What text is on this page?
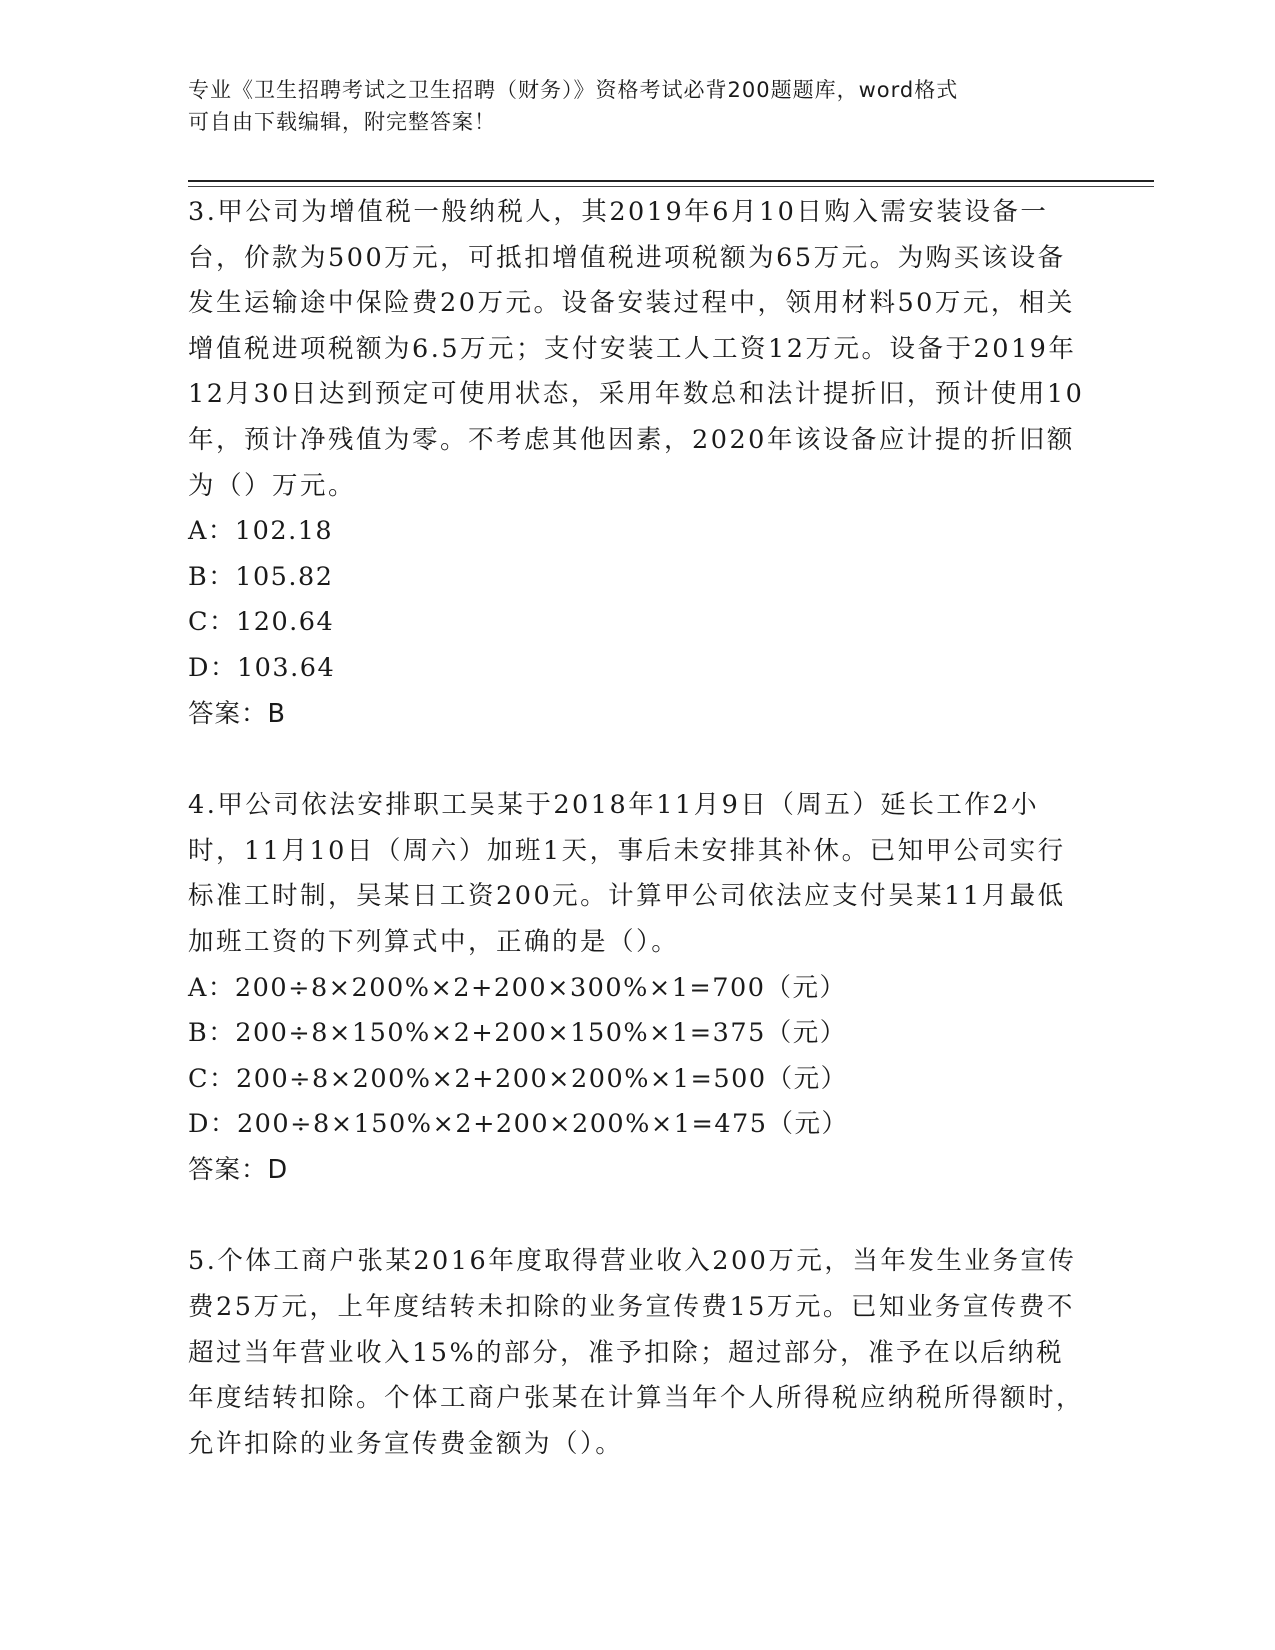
专业《卫生招聘考试之卫生招聘（财务）》资格考试必背200题题库，word格式
可自由下载编辑，附完整答案！
3.甲公司为增值税一般纳税人，其2019年6月10日购入需安装设备一台，价款为500万元，可抵扣增值税进项税额为65万元。为购买该设备发生运输途中保险费20万元。设备安装过程中，领用材料50万元，相关增值税进项税额为6.5万元；支付安装工人工资12万元。设备于2019年12月30日达到预定可使用状态，采用年数总和法计提折旧，预计使用10年，预计净残值为零。不考虑其他因素，2020年该设备应计提的折旧额为（）万元。
A：102.18
B：105.82
C：120.64
D：103.64
答案：B
4.甲公司依法安排职工吴某于2018年11月9日（周五）延长工作2小时，11月10日（周六）加班1天，事后未安排其补休。已知甲公司实行标准工时制，吴某日工资200元。计算甲公司依法应支付吴某11月最低加班工资的下列算式中，正确的是（）。
A：200÷8×200%×2+200×300%×1=700（元）
B：200÷8×150%×2+200×150%×1=375（元）
C：200÷8×200%×2+200×200%×1=500（元）
D：200÷8×150%×2+200×200%×1=475（元）
答案：D
5.个体工商户张某2016年度取得营业收入200万元，当年发生业务宣传费25万元，上年度结转未扣除的业务宣传费15万元。已知业务宣传费不超过当年营业收入15%的部分，准予扣除；超过部分，准予在以后纳税年度结转扣除。个体工商户张某在计算当年个人所得税应纳税所得额时，允许扣除的业务宣传费金额为（）。
